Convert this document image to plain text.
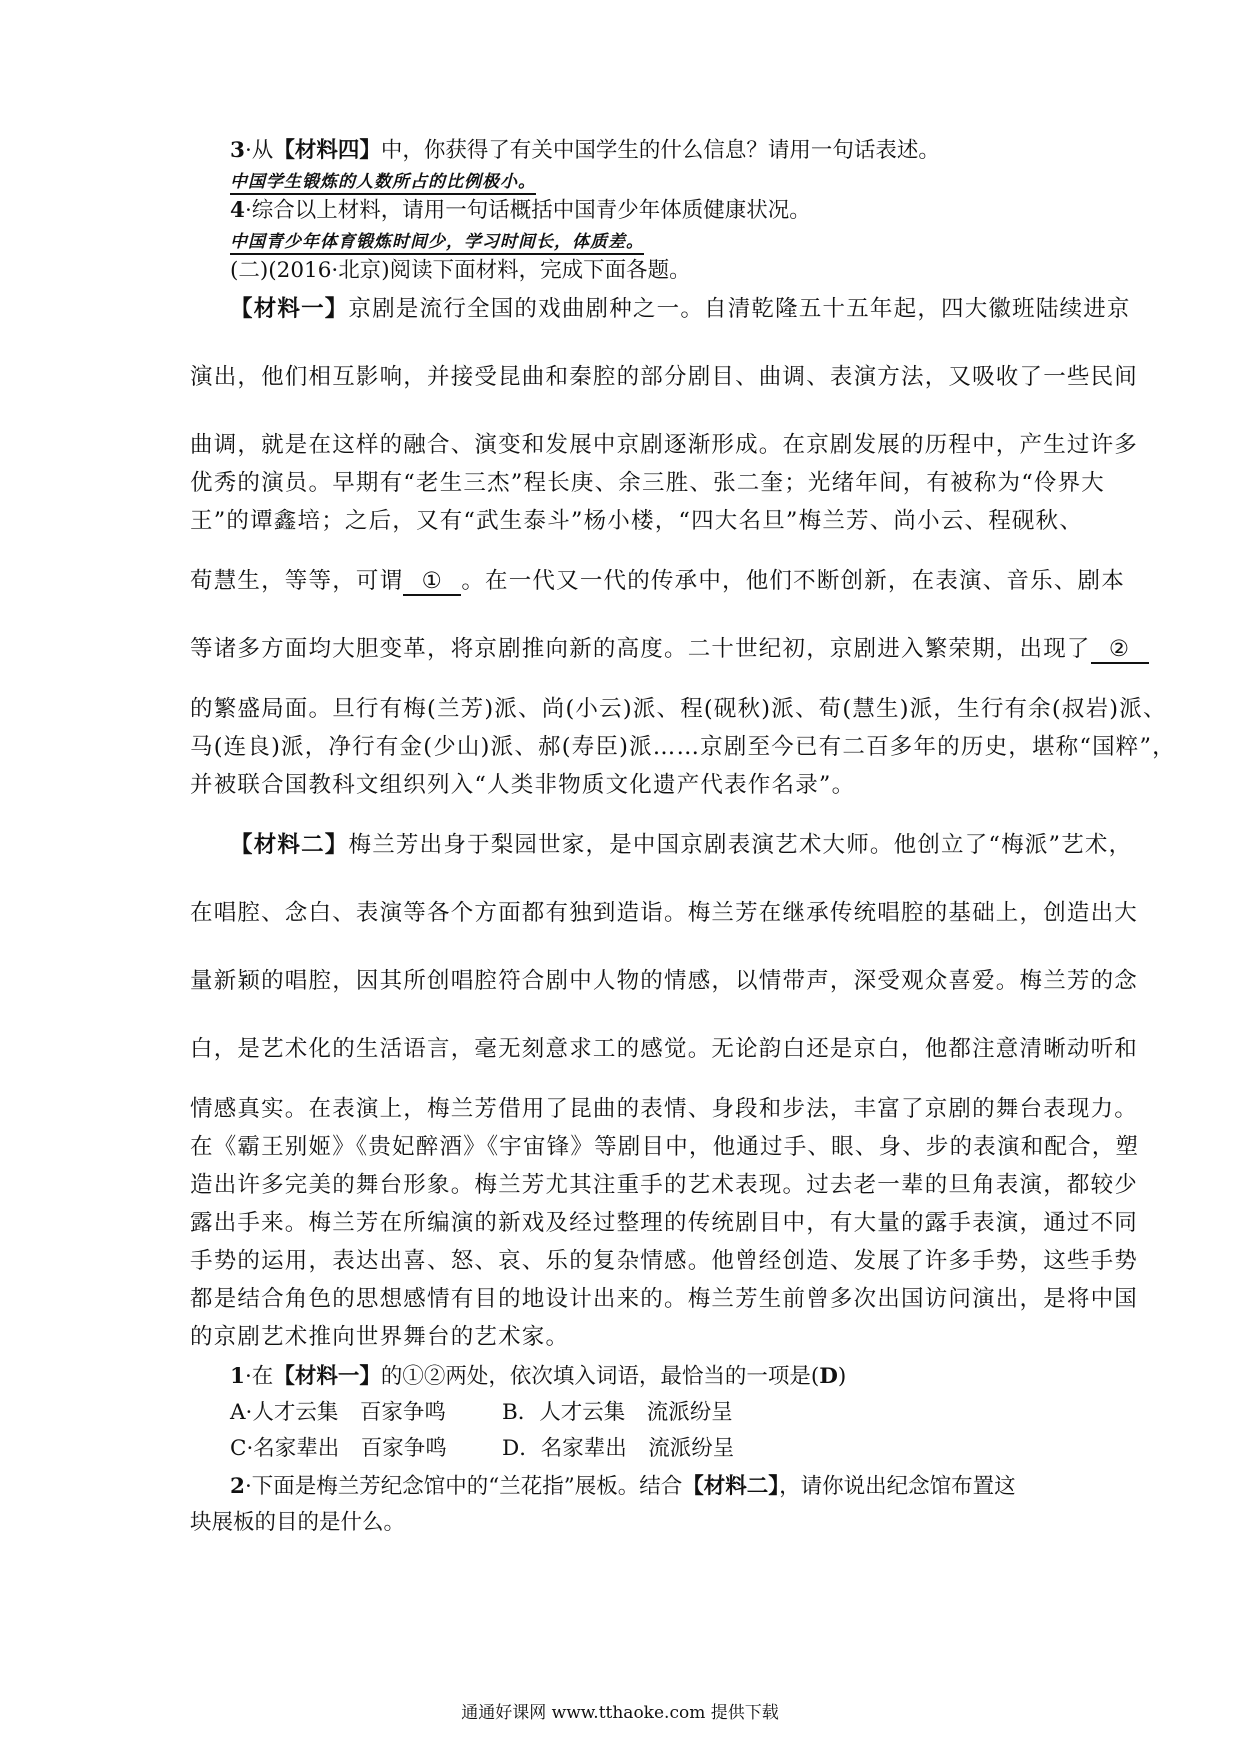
3·从【材料四】中，你获得了有关中国学生的什么信息？请用一句话表述。
中国学生锻炼的人数所占的比例极小。
4·综合以上材料，请用一句话概括中国青少年体质健康状况。
中国青少年体育锻炼时间少，学习时间长，体质差。
(二)(2016·北京)阅读下面材料，完成下面各题。
【材料一】京剧是流行全国的戏曲剧种之一。自清乾隆五十五年起，四大徽班陆续进京
演出，他们相互影响，并接受昆曲和秦腔的部分剧目、曲调、表演方法，又吸收了一些民间
曲调，就是在这样的融合、演变和发展中京剧逐渐形成。在京剧发展的历程中，产生过许多
优秀的演员。早期有“老生三杰”程长庚、余三胜、张二奎；光绪年间，有被称为“伶界大
王”的谭鑫培；之后，又有“武生泰斗”杨小楼，“四大名旦”梅兰芳、尚小云、程砚秋、
荀慧生，等等，可谓 ① 。在一代又一代的传承中，他们不断创新，在表演、音乐、剧本
等诸多方面均大胆变革，将京剧推向新的高度。二十世纪初，京剧进入繁荣期，出现了 ②
的繁盛局面。旦行有梅(兰芳)派、尚(小云)派、程(砚秋)派、荀(慧生)派，生行有余(叔岩)派、
马(连良)派，净行有金(少山)派、郝(寿臣)派……京剧至今已有二百多年的历史，堪称“国粹”，
并被联合国教科文组织列入“人类非物质文化遗产代表作名录”。
【材料二】梅兰芳出身于梨园世家，是中国京剧表演艺术大师。他创立了“梅派”艺术，
在唱腔、念白、表演等各个方面都有独到造诣。梅兰芳在继承传统唱腔的基础上，创造出大
量新颖的唱腔，因其所创唱腔符合剧中人物的情感，以情带声，深受观众喜爱。梅兰芳的念
白，是艺术化的生活语言，毫无刻意求工的感觉。无论韵白还是京白，他都注意清晰动听和
情感真实。在表演上，梅兰芳借用了昆曲的表情、身段和步法，丰富了京剧的舞台表现力。
在《霸王别姬》《贵妃醉酒》《宇宙锋》等剧目中，他通过手、眼、身、步的表演和配合，塑
造出许多完美的舞台形象。梅兰芳尤其注重手的艺术表现。过去老一辈的旦角表演，都较少
露出手来。梅兰芳在所编演的新戏及经过整理的传统剧目中，有大量的露手表演，通过不同
手势的运用，表达出喜、怒、哀、乐的复杂情感。他曾经创造、发展了许多手势，这些手势
都是结合角色的思想感情有目的地设计出来的。梅兰芳生前曾多次出国访问演出，是将中国
的京剧艺术推向世界舞台的艺术家。
1·在【材料一】的①②两处，依次填入词语，最恰当的一项是(D)
A·人才云集　百家争鸣	B．人才云集　流派纷呈
C·名家辈出　百家争鸣	D．名家辈出　流派纷呈
2·下面是梅兰芳纪念馆中的“兰花指”展板。结合【材料二】，请你说出纪念馆布置这
块展板的目的是什么。
通通好课网 www.tthaoke.com 提供下载
